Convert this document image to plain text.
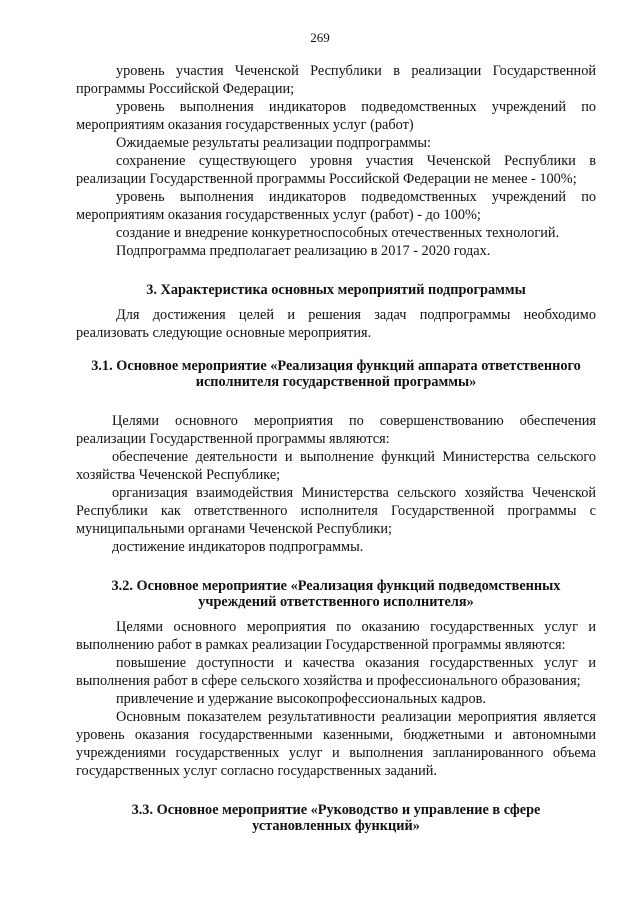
269

уровень участия Чеченской Республики в реализации Государственной программы Российской Федерации;

уровень выполнения индикаторов подведомственных учреждений по мероприятиям оказания государственных услуг (работ)

Ожидаемые результаты реализации подпрограммы:

сохранение существующего уровня участия Чеченской Республики в реализации Государственной программы Российской Федерации не менее - 100%;

уровень выполнения индикаторов подведомственных учреждений по мероприятиям оказания государственных услуг (работ) - до 100%;

создание и внедрение конкуретноспособных отечественных технологий.

Подпрограмма предполагает реализацию в 2017 - 2020 годах.

3. Характеристика основных мероприятий подпрограммы

Для достижения целей и решения задач подпрограммы необходимо реализовать следующие основные мероприятия.

3.1. Основное мероприятие «Реализация функций аппарата ответственного
исполнителя государственной программы»

Целями основного мероприятия по совершенствованию обеспечения реализации Государственной программы являются:

обеспечение деятельности и выполнение функций Министерства сельского хозяйства Чеченской Республике;

организация взаимодействия Министерства сельского хозяйства Чеченской Республики как ответственного исполнителя Государственной программы с муниципальными органами Чеченской Республики;

достижение индикаторов подпрограммы.

3.2. Основное мероприятие «Реализация функций подведомственных
учреждений ответственного исполнителя»

Целями основного мероприятия по оказанию государственных услуг и выполнению работ в рамках реализации Государственной программы являются:

повышение доступности и качества оказания государственных услуг и выполнения работ в сфере сельского хозяйства и профессионального образования;

привлечение и удержание высокопрофессиональных кадров.

Основным показателем результативности реализации мероприятия является уровень оказания государственными казенными, бюджетными и автономными учреждениями государственных услуг и выполнения запланированного объема государственных услуг согласно государственных заданий.

3.3. Основное мероприятие «Руководство и управление в сфере
установленных функций»
